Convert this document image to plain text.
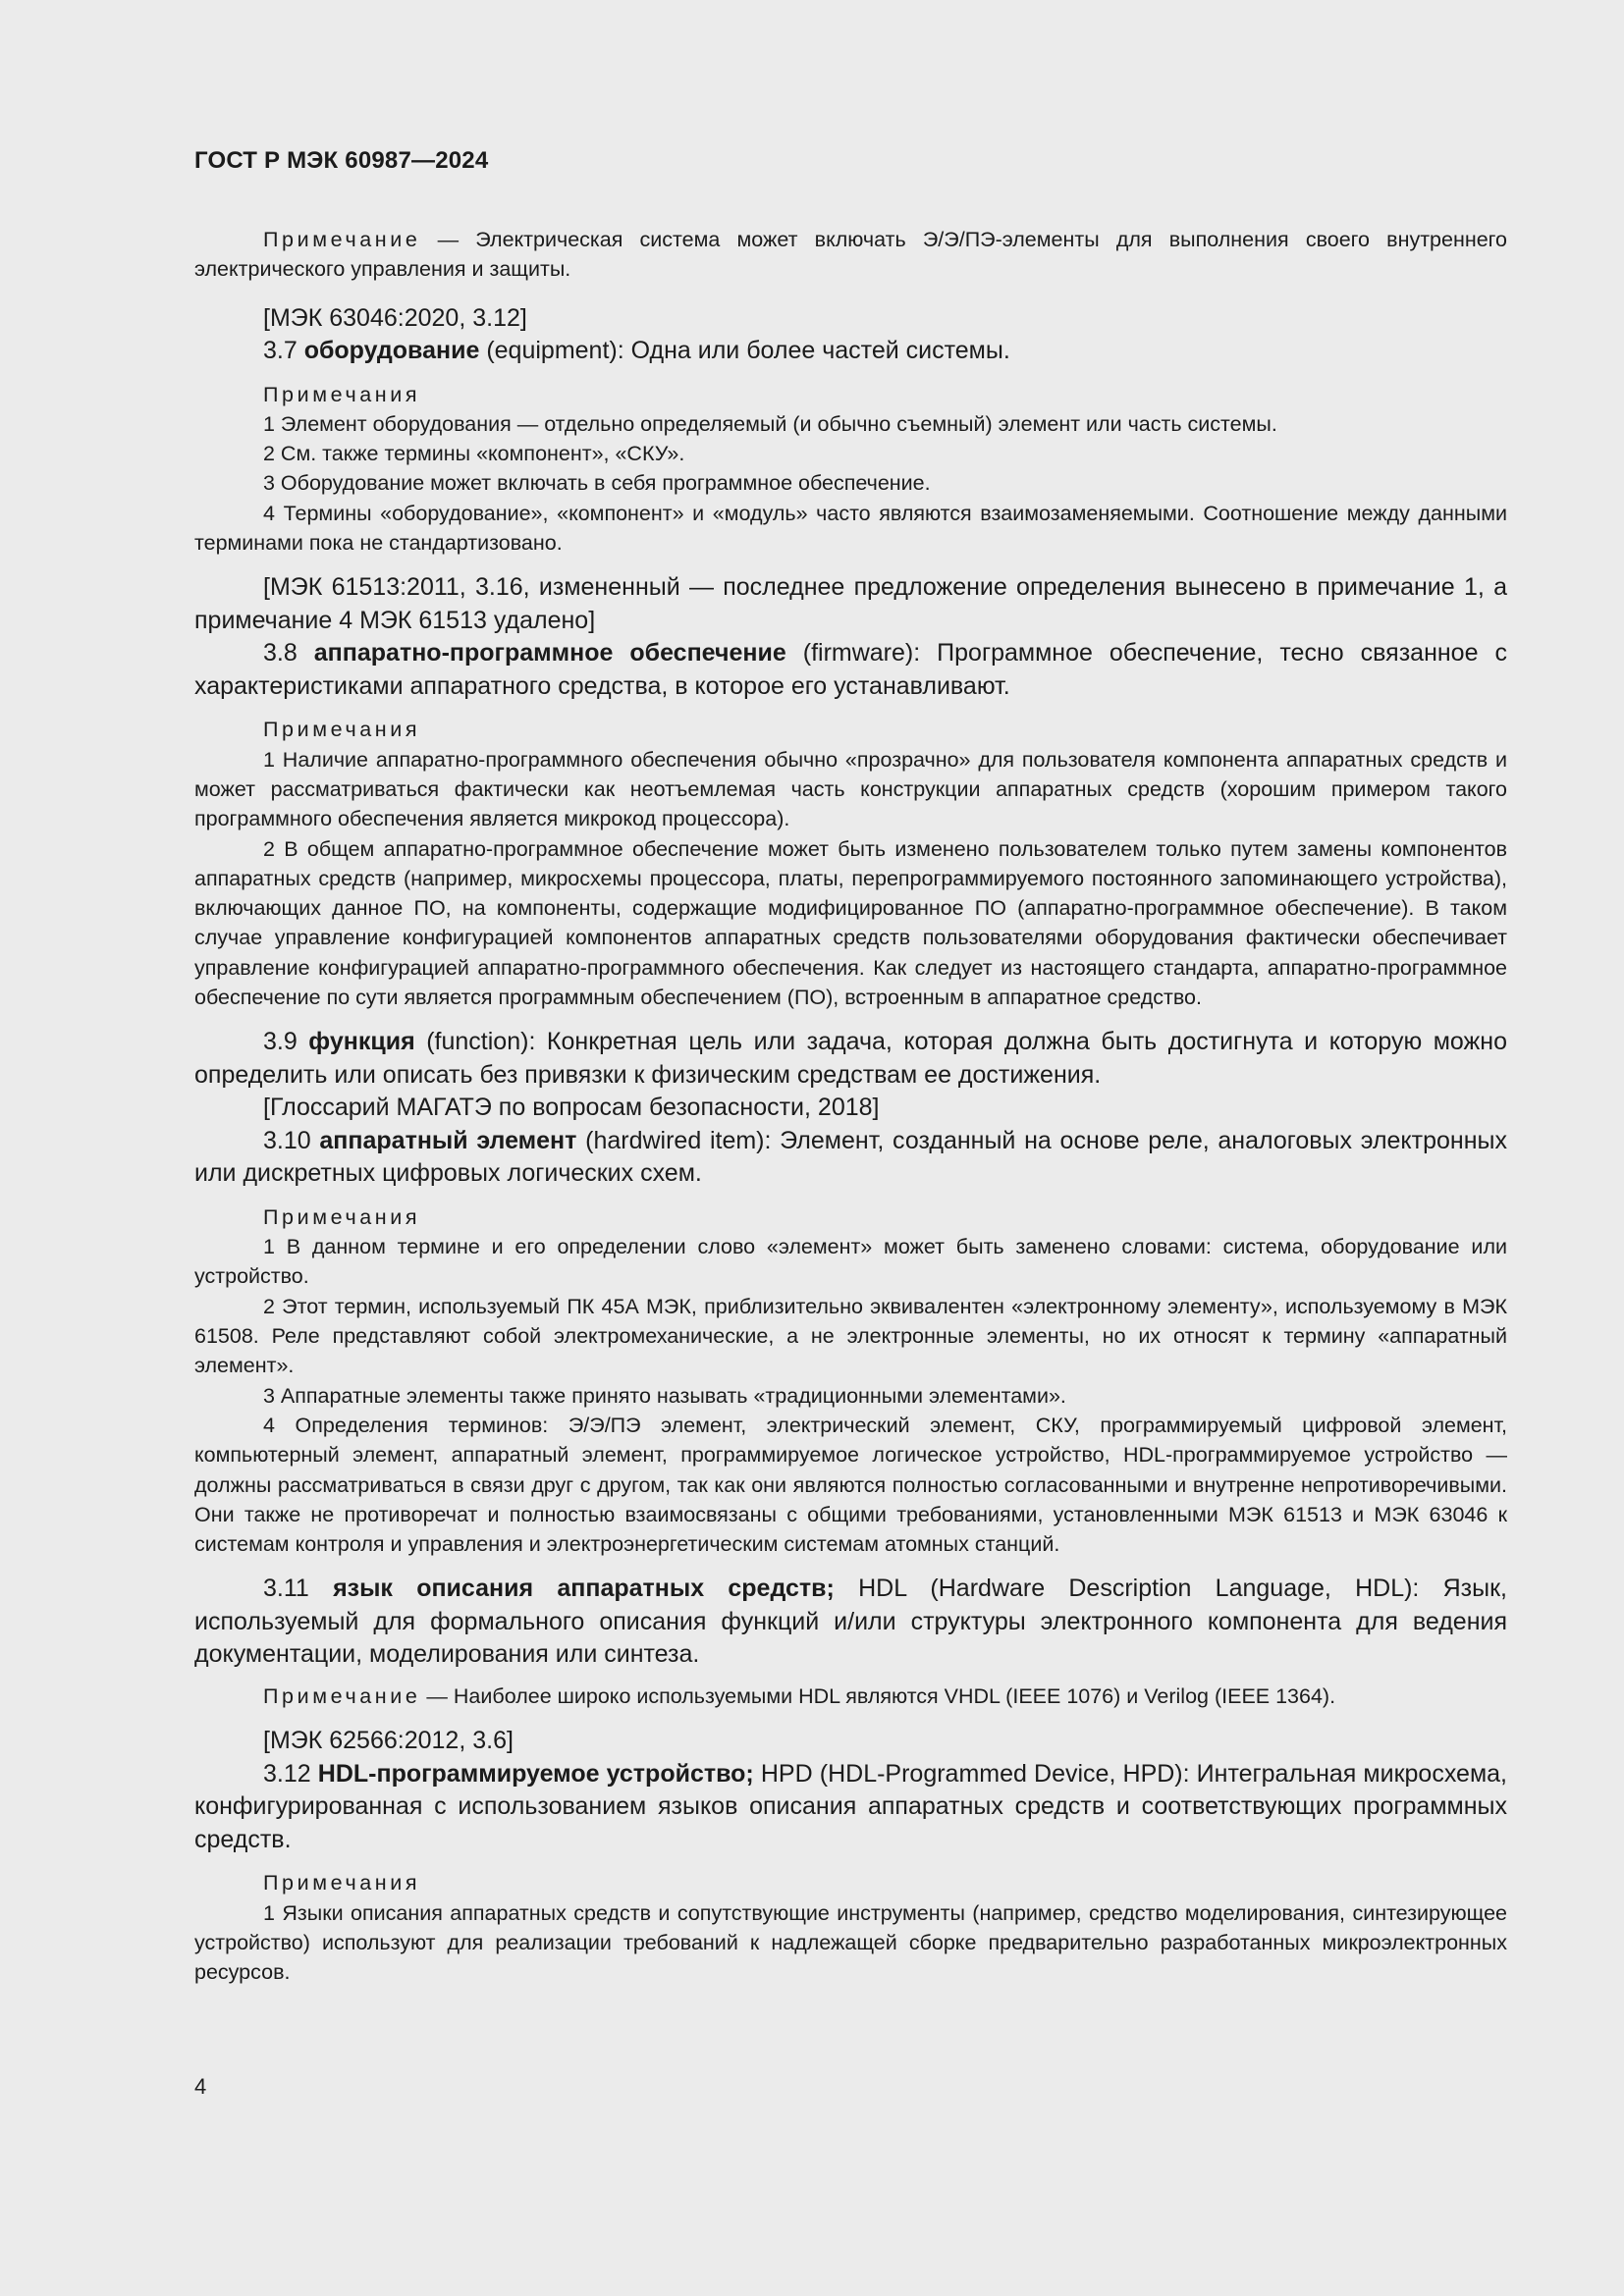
ГОСТ Р МЭК 60987—2024

Примечание — Электрическая система может включать Э/Э/ПЭ-элементы для выполнения своего внутреннего электрического управления и защиты.

[МЭК 63046:2020, 3.12]

3.7 оборудование (equipment): Одна или более частей системы.

Примечания

1 Элемент оборудования — отдельно определяемый (и обычно съемный) элемент или часть системы.

2 См. также термины «компонент», «СКУ».

3 Оборудование может включать в себя программное обеспечение.

4 Термины «оборудование», «компонент» и «модуль» часто являются взаимозаменяемыми. Соотношение между данными терминами пока не стандартизовано.

[МЭК 61513:2011, 3.16, измененный — последнее предложение определения вынесено в примечание 1, а примечание 4 МЭК 61513 удалено]

3.8 аппаратно-программное обеспечение (firmware): Программное обеспечение, тесно связанное с характеристиками аппаратного средства, в которое его устанавливают.

Примечания

1 Наличие аппаратно-программного обеспечения обычно «прозрачно» для пользователя компонента аппаратных средств и может рассматриваться фактически как неотъемлемая часть конструкции аппаратных средств (хорошим примером такого программного обеспечения является микрокод процессора).

2 В общем аппаратно-программное обеспечение может быть изменено пользователем только путем замены компонентов аппаратных средств (например, микросхемы процессора, платы, перепрограммируемого постоянного запоминающего устройства), включающих данное ПО, на компоненты, содержащие модифицированное ПО (аппаратно-программное обеспечение). В таком случае управление конфигурацией компонентов аппаратных средств пользователями оборудования фактически обеспечивает управление конфигурацией аппаратно-программного обеспечения. Как следует из настоящего стандарта, аппаратно-программное обеспечение по сути является программным обеспечением (ПО), встроенным в аппаратное средство.

3.9 функция (function): Конкретная цель или задача, которая должна быть достигнута и которую можно определить или описать без привязки к физическим средствам ее достижения.

[Глоссарий МАГАТЭ по вопросам безопасности, 2018]

3.10 аппаратный элемент (hardwired item): Элемент, созданный на основе реле, аналоговых электронных или дискретных цифровых логических схем.

Примечания

1 В данном термине и его определении слово «элемент» может быть заменено словами: система, оборудование или устройство.

2 Этот термин, используемый ПК 45А МЭК, приблизительно эквивалентен «электронному элементу», используемому в МЭК 61508. Реле представляют собой электромеханические, а не электронные элементы, но их относят к термину «аппаратный элемент».

3 Аппаратные элементы также принято называть «традиционными элементами».

4 Определения терминов: Э/Э/ПЭ элемент, электрический элемент, СКУ, программируемый цифровой элемент, компьютерный элемент, аппаратный элемент, программируемое логическое устройство, HDL-программируемое устройство — должны рассматриваться в связи друг с другом, так как они являются полностью согласованными и внутренне непротиворечивыми. Они также не противоречат и полностью взаимосвязаны с общими требованиями, установленными МЭК 61513 и МЭК 63046 к системам контроля и управления и электроэнергетическим системам атомных станций.

3.11 язык описания аппаратных средств; HDL (Hardware Description Language, HDL): Язык, используемый для формального описания функций и/или структуры электронного компонента для ведения документации, моделирования или синтеза.

Примечание — Наиболее широко используемыми HDL являются VHDL (IEEE 1076) и Verilog (IEEE 1364).

[МЭК 62566:2012, 3.6]

3.12 HDL-программируемое устройство; HPD (HDL-Programmed Device, HPD): Интегральная микросхема, конфигурированная с использованием языков описания аппаратных средств и соответствующих программных средств.

Примечания

1 Языки описания аппаратных средств и сопутствующие инструменты (например, средство моделирования, синтезирующее устройство) используют для реализации требований к надлежащей сборке предварительно разработанных микроэлектронных ресурсов.

4
